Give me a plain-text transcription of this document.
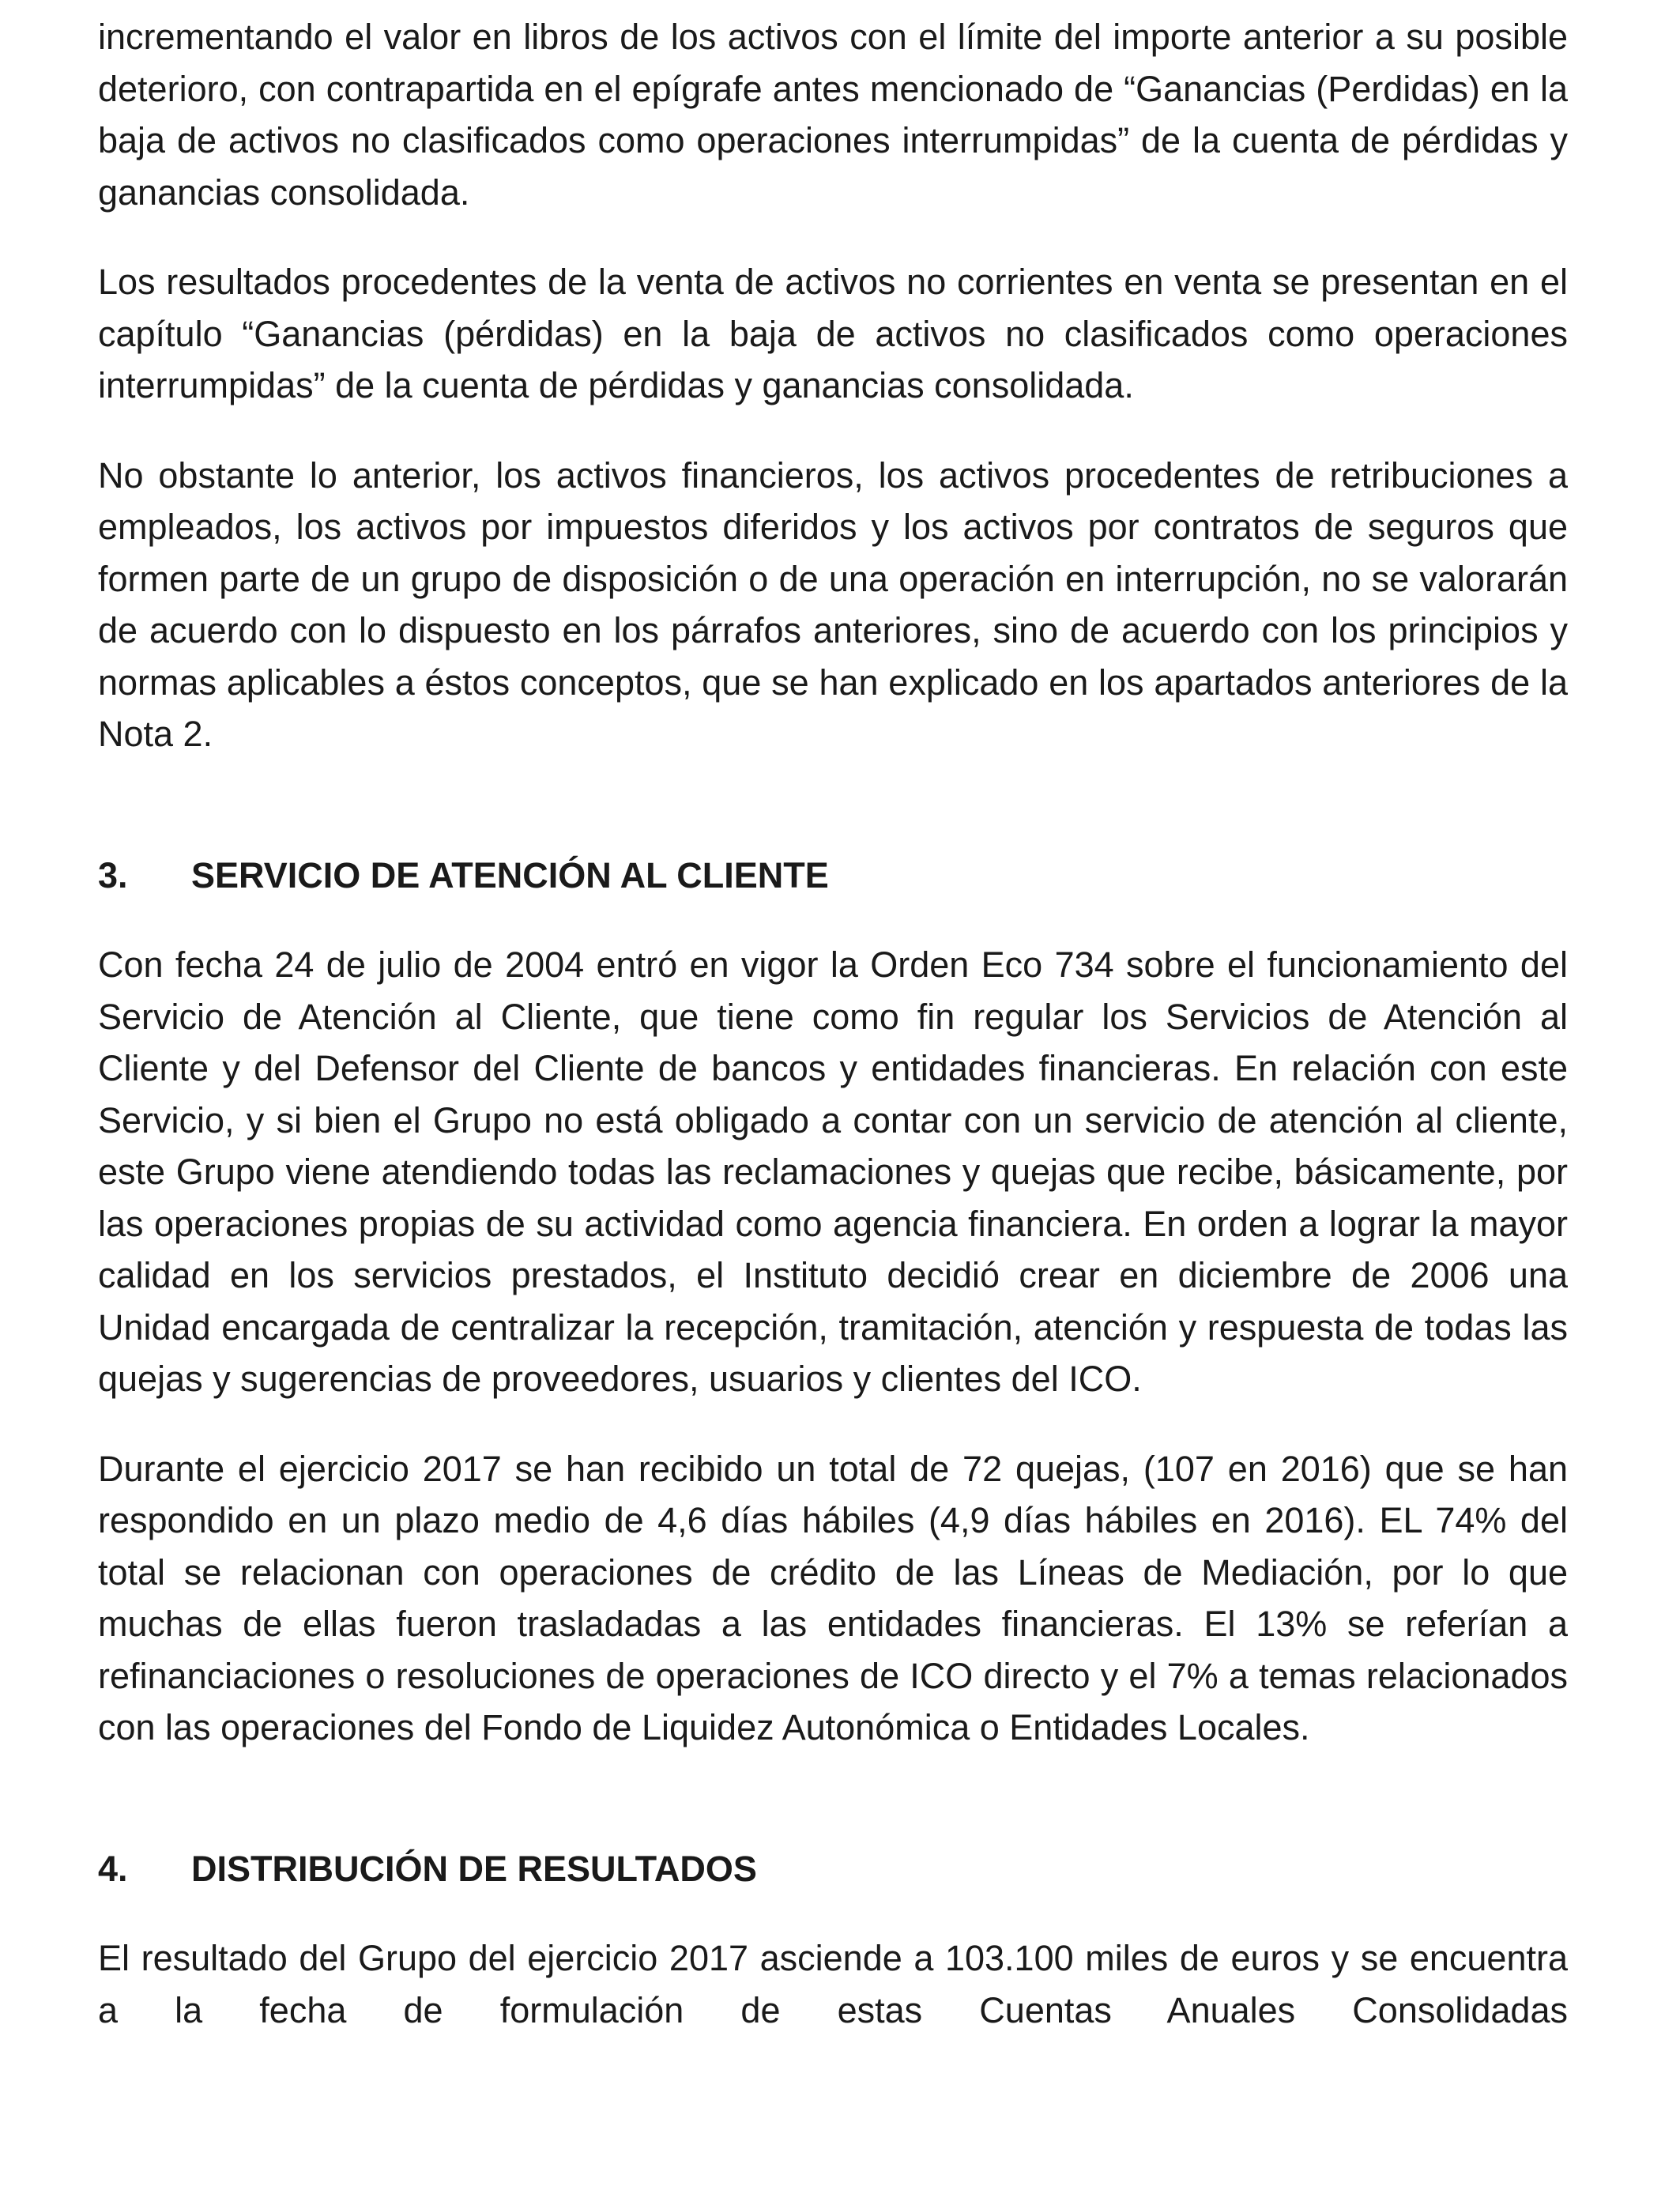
incrementando el valor en libros de los activos con el límite del importe anterior a su posible deterioro, con contrapartida en el epígrafe antes mencionado de “Ganancias (Perdidas) en la baja de activos no clasificados como operaciones interrumpidas” de la cuenta de pérdidas y ganancias consolidada.

Los resultados procedentes de la venta de activos no corrientes en venta se presentan en el capítulo “Ganancias (pérdidas) en la baja de activos no clasificados como operaciones interrumpidas” de la cuenta de pérdidas y ganancias consolidada.

No obstante lo anterior, los activos financieros, los activos procedentes de retribuciones a empleados, los activos por impuestos diferidos y los activos por contratos de seguros que formen parte de un grupo de disposición o de una operación en interrupción, no se valorarán de acuerdo con lo dispuesto en los párrafos anteriores, sino de acuerdo con los principios y normas aplicables a éstos conceptos, que se han explicado en los apartados anteriores de la Nota 2.

3.	SERVICIO DE ATENCIÓN AL CLIENTE

Con fecha 24 de julio de 2004 entró en vigor la Orden Eco 734 sobre el funcionamiento del Servicio de Atención al Cliente, que tiene como fin regular los Servicios de Atención al Cliente y del Defensor del Cliente de bancos y entidades financieras. En relación con este Servicio, y si bien el Grupo no está obligado a contar con un servicio de atención al cliente, este Grupo viene atendiendo todas las reclamaciones y quejas que recibe, básicamente, por las operaciones propias de su actividad como agencia financiera. En orden a lograr la mayor calidad en los servicios prestados, el Instituto decidió crear en diciembre de 2006 una Unidad encargada de centralizar la recepción, tramitación, atención y respuesta de todas las quejas y sugerencias de proveedores, usuarios y clientes del ICO.

Durante el ejercicio 2017 se han recibido un total de 72 quejas, (107 en 2016) que se han respondido en un plazo medio de 4,6 días hábiles (4,9 días hábiles en 2016). EL 74% del total se relacionan con operaciones de crédito de las Líneas de Mediación, por lo que muchas de ellas fueron trasladadas a las entidades financieras. El 13% se referían a refinanciaciones o resoluciones de operaciones de ICO directo y el 7% a temas relacionados con las operaciones del Fondo de Liquidez Autonómica o Entidades Locales.

4.	DISTRIBUCIÓN DE RESULTADOS

El resultado del Grupo del ejercicio 2017 asciende a 103.100 miles de euros y se encuentra a la fecha de formulación de estas Cuentas Anuales Consolidadas
